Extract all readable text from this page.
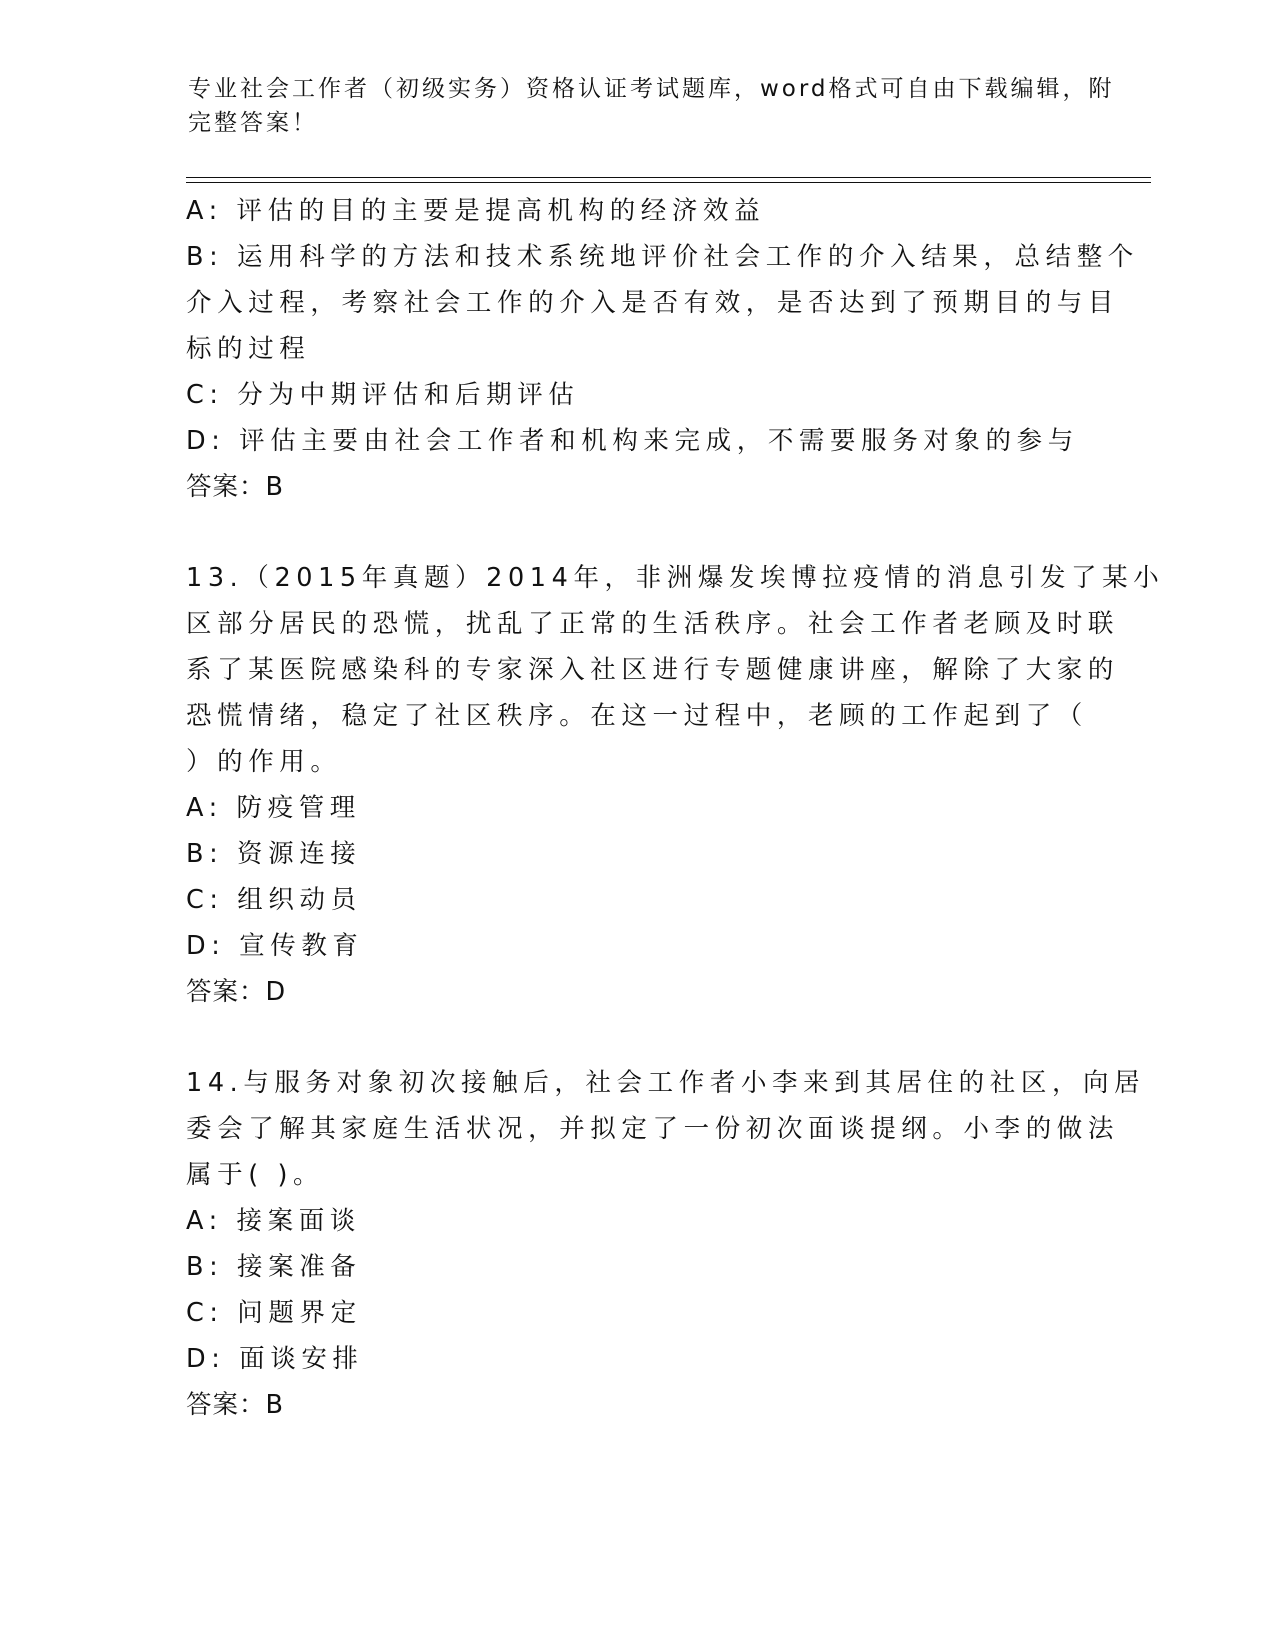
专业社会工作者（初级实务）资格认证考试题库，word格式可自由下载编辑，附
完整答案！
A: 评估的目的主要是提高机构的经济效益
B: 运用科学的方法和技术系统地评价社会工作的介入结果，总结整个
介入过程，考察社会工作的介入是否有效，是否达到了预期目的与目
标的过程
C: 分为中期评估和后期评估
D: 评估主要由社会工作者和机构来完成，不需要服务对象的参与
答案：B
13.（2015年真题）2014年，非洲爆发埃博拉疫情的消息引发了某小
区部分居民的恐慌，扰乱了正常的生活秩序。社会工作者老顾及时联
系了某医院感染科的专家深入社区进行专题健康讲座，解除了大家的
恐慌情绪，稳定了社区秩序。在这一过程中，老顾的工作起到了（
）的作用。
A: 防疫管理
B: 资源连接
C: 组织动员
D: 宣传教育
答案：D
14.与服务对象初次接触后，社会工作者小李来到其居住的社区，向居
委会了解其家庭生活状况，并拟定了一份初次面谈提纲。小李的做法
属于( )。
A: 接案面谈
B: 接案准备
C: 问题界定
D: 面谈安排
答案：B
